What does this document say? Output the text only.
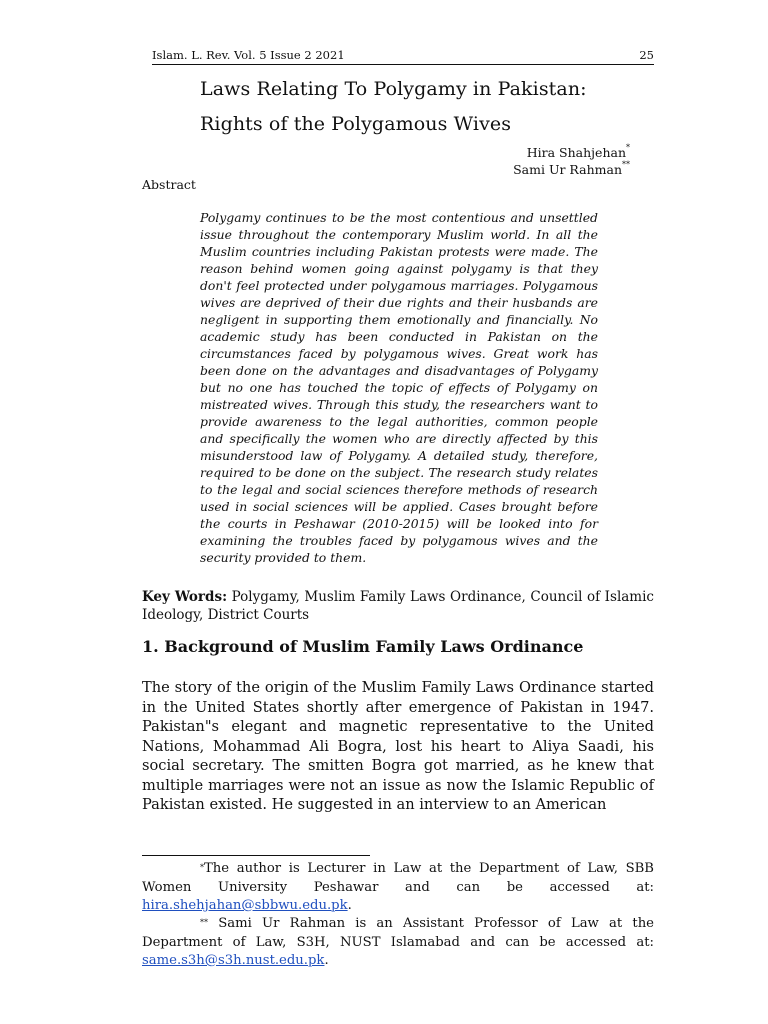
Islam. L. Rev. Vol. 5 Issue 2 2021	25
Laws Relating To Polygamy in Pakistan:
Rights of the Polygamous Wives
Hira Shahjehan*
Sami Ur Rahman**
Abstract
Polygamy continues to be the most contentious and unsettled issue throughout the contemporary Muslim world. In all the Muslim countries including Pakistan protests were made. The reason behind women going against polygamy is that they don't feel protected under polygamous marriages. Polygamous wives are deprived of their due rights and their husbands are negligent in supporting them emotionally and financially. No academic study has been conducted in Pakistan on the circumstances faced by polygamous wives. Great work has been done on the advantages and disadvantages of Polygamy but no one has touched the topic of effects of Polygamy on mistreated wives. Through this study, the researchers want to provide awareness to the legal authorities, common people and specifically the women who are directly affected by this misunderstood law of Polygamy. A detailed study, therefore, required to be done on the subject. The research study relates to the legal and social sciences therefore methods of research used in social sciences will be applied. Cases brought before the courts in Peshawar (2010-2015) will be looked into for examining the troubles faced by polygamous wives and the security provided to them.
Key Words: Polygamy, Muslim Family Laws Ordinance, Council of Islamic Ideology, District Courts
1. Background of Muslim Family Laws Ordinance
The story of the origin of the Muslim Family Laws Ordinance started in the United States shortly after emergence of Pakistan in 1947. Pakistan"s elegant and magnetic representative to the United Nations, Mohammad Ali Bogra, lost his heart to Aliya Saadi, his social secretary. The smitten Bogra got married, as he knew that multiple marriages were not an issue as now the Islamic Republic of Pakistan existed. He suggested in an interview to an American
*The author is Lecturer in Law at the Department of Law, SBB Women University Peshawar and can be accessed at: hira.shehjahan@sbbwu.edu.pk.
** Sami Ur Rahman is an Assistant Professor of Law at the Department of Law, S3H, NUST Islamabad and can be accessed at: same.s3h@s3h.nust.edu.pk.
